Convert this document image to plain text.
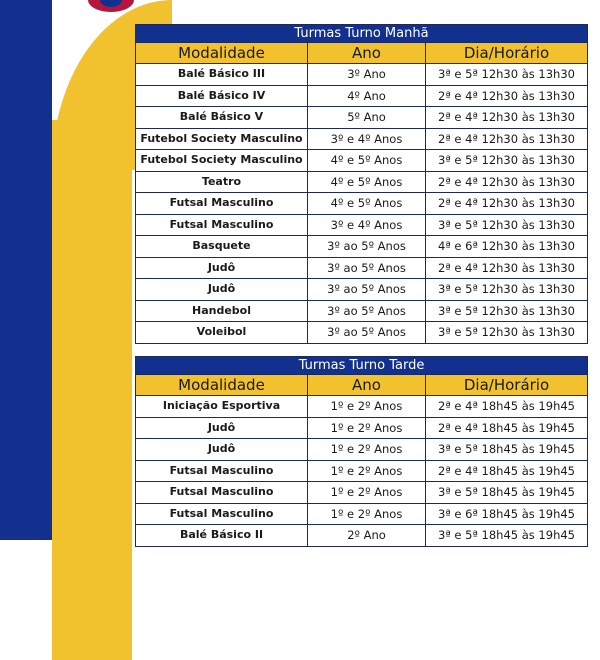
Turmas Turno Manhã		
Modalidade	Ano	Dia/Horário
Balé Básico III	3º Ano	3ª e 5ª 12h30 às 13h30
Balé Básico IV	4º Ano	2ª e 4ª 12h30 às 13h30
Balé Básico V	5º Ano	2ª e 4ª 12h30 às 13h30
Futebol Society Masculino	3º e 4º Anos	2ª e 4ª 12h30 às 13h30
Futebol Society Masculino	4º e 5º Anos	3ª e 5ª 12h30 às 13h30
Teatro	4º e 5º Anos	2ª e 4ª 12h30 às 13h30
Futsal Masculino	4º e 5º Anos	2ª e 4ª 12h30 às 13h30
Futsal Masculino	3º e 4º Anos	3ª e 5ª 12h30 às 13h30
Basquete	3º ao 5º Anos	4ª e 6ª 12h30 às 13h30
Judô	3º ao 5º Anos	2ª e 4ª 12h30 às 13h30
Judô	3º ao 5º Anos	3ª e 5ª 12h30 às 13h30
Handebol	3º ao 5º Anos	3ª e 5ª 12h30 às 13h30
Voleibol	3º ao 5º Anos	3ª e 5ª 12h30 às 13h30
Turmas Turno Tarde		
Modalidade	Ano	Dia/Horário
Iniciação Esportiva	1º e 2º Anos	2ª e 4ª 18h45 às 19h45
Judô	1º e 2º Anos	2ª e 4ª 18h45 às 19h45
Judô	1º e 2º Anos	3ª e 5ª 18h45 às 19h45
Futsal Masculino	1º e 2º Anos	2ª e 4ª 18h45 às 19h45
Futsal Masculino	1º e 2º Anos	3ª e 5ª 18h45 às 19h45
Futsal Masculino	1º e 2º Anos	3ª e 6ª 18h45 às 19h45
Balé Básico II	2º Ano	3ª e 5ª 18h45 às 19h45
